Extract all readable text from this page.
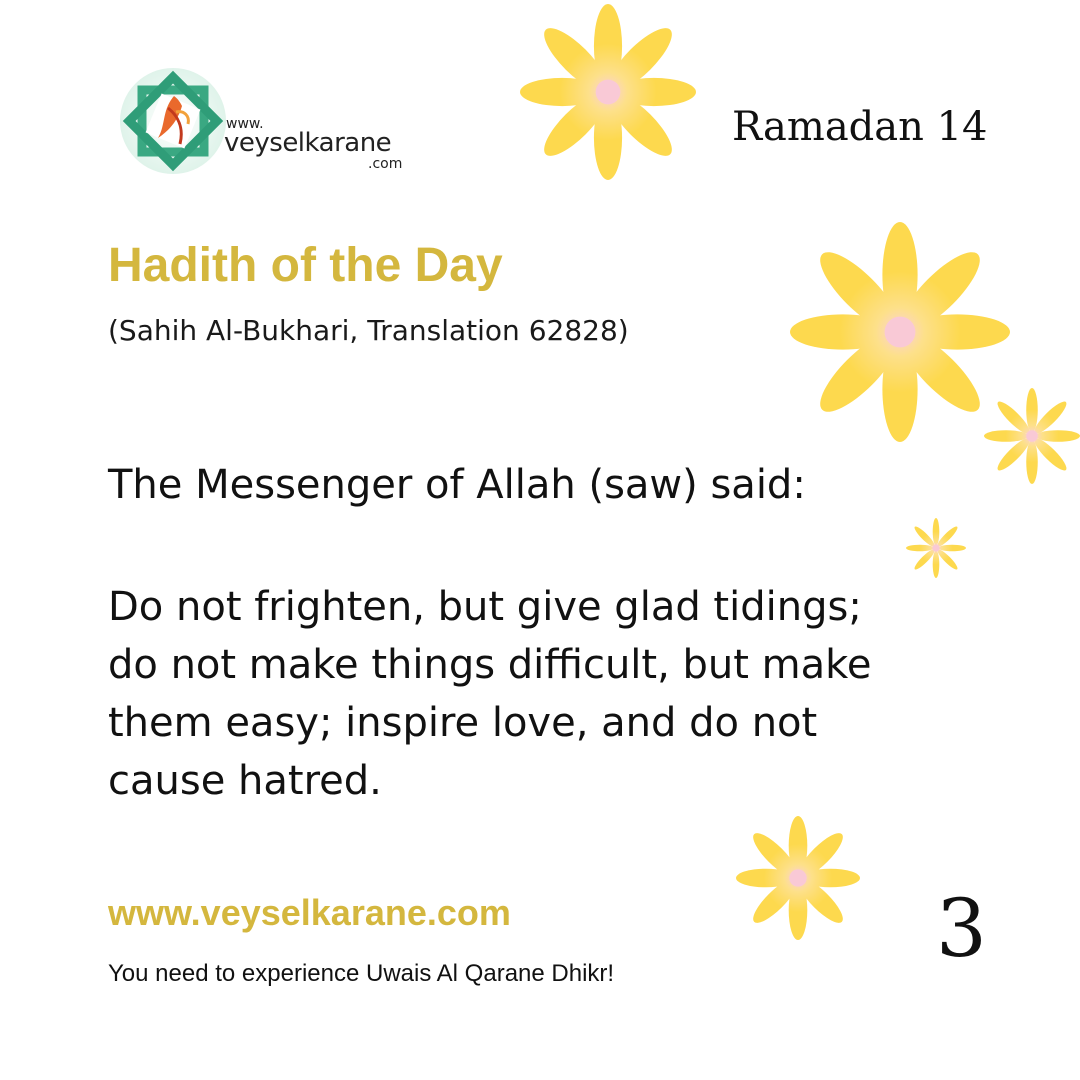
www.
veyselkarane
.com
Ramadan 14
Hadith of the Day
(Sahih Al-Bukhari, Translation 62828)
The Messenger of Allah (saw) said:
Do not frighten, but give glad tidings;
do not make things difficult, but make
them easy; inspire love, and do not
cause hatred.
www.veyselkarane.com
You need to experience Uwais Al Qarane Dhikr!	3
